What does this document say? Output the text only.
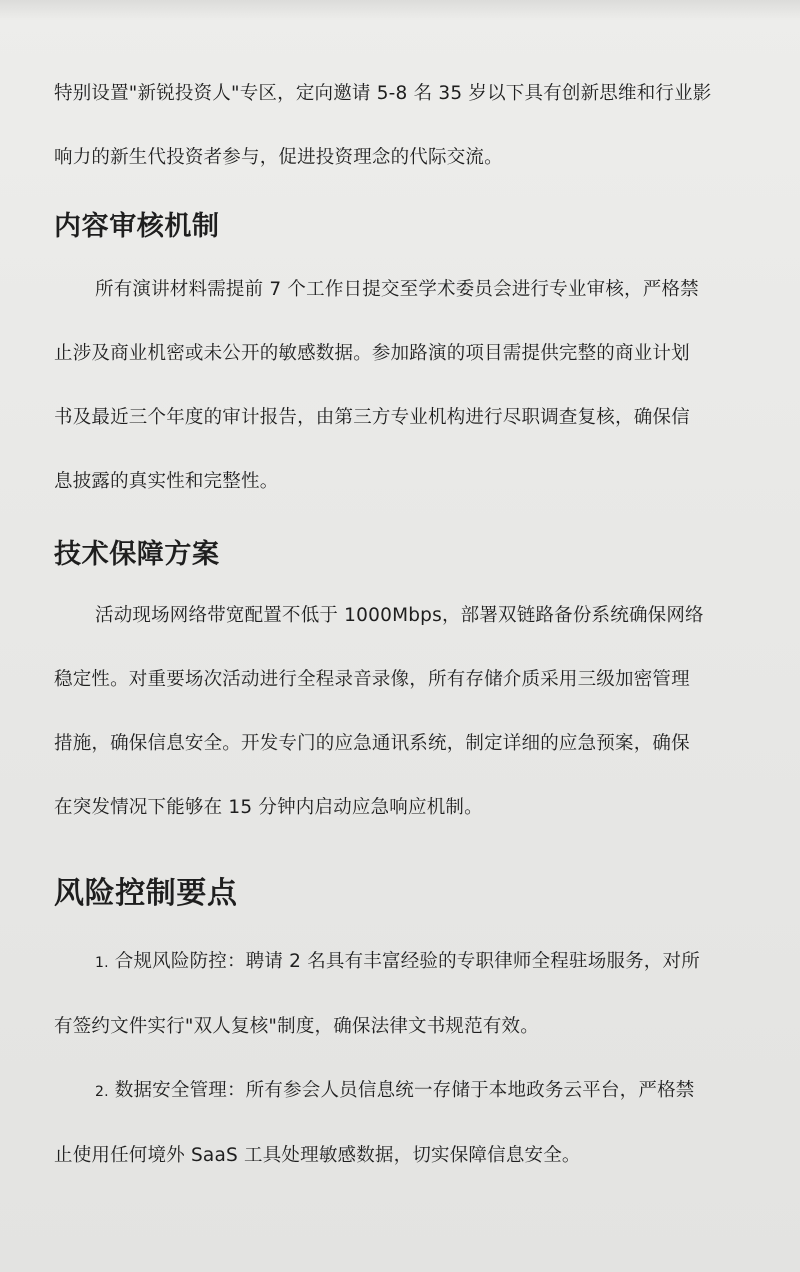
特别设置"新锐投资人"专区，定向邀请 5-8 名 35 岁以下具有创新思维和行业影

响力的新生代投资者参与，促进投资理念的代际交流。

内容审核机制

所有演讲材料需提前 7 个工作日提交至学术委员会进行专业审核，严格禁

止涉及商业机密或未公开的敏感数据。参加路演的项目需提供完整的商业计划

书及最近三个年度的审计报告，由第三方专业机构进行尽职调查复核，确保信

息披露的真实性和完整性。

技术保障方案

活动现场网络带宽配置不低于 1000Mbps，部署双链路备份系统确保网络

稳定性。对重要场次活动进行全程录音录像，所有存储介质采用三级加密管理

措施，确保信息安全。开发专门的应急通讯系统，制定详细的应急预案，确保

在突发情况下能够在 15 分钟内启动应急响应机制。

风险控制要点

1. 合规风险防控：聘请 2 名具有丰富经验的专职律师全程驻场服务，对所

有签约文件实行"双人复核"制度，确保法律文书规范有效。

2. 数据安全管理：所有参会人员信息统一存储于本地政务云平台，严格禁

止使用任何境外 SaaS 工具处理敏感数据，切实保障信息安全。
